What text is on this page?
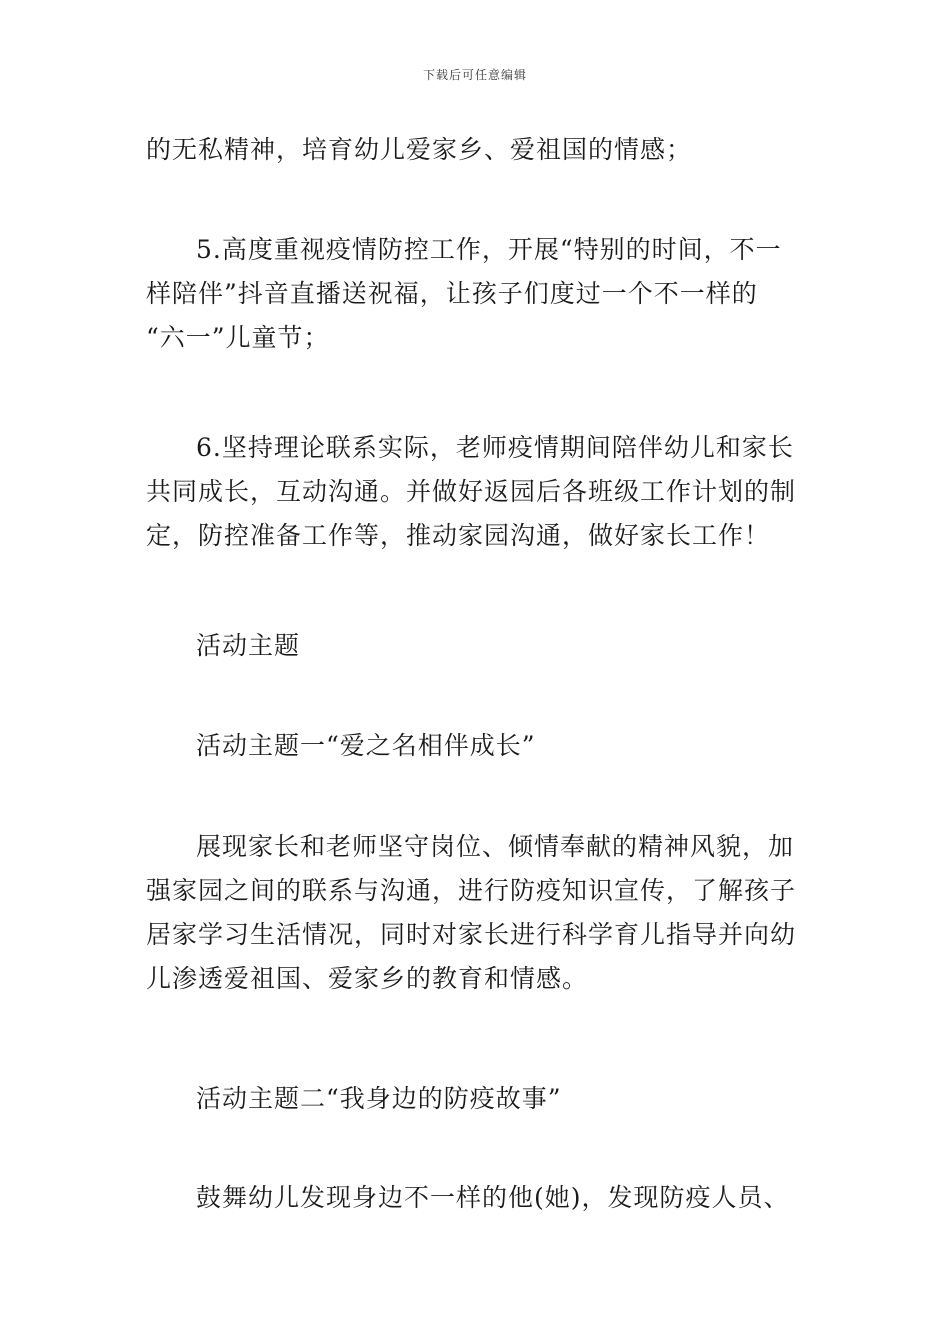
下载后可任意编辑

的无私精神，培育幼儿爱家乡、爱祖国的情感；

5.高度重视疫情防控工作，开展“特别的时间，不一
样陪伴”抖音直播送祝福，让孩子们度过一个不一样的
“六一”儿童节；

6.坚持理论联系实际，老师疫情期间陪伴幼儿和家长
共同成长，互动沟通。并做好返园后各班级工作计划的制
定，防控准备工作等，推动家园沟通，做好家长工作！

活动主题

活动主题一“爱之名相伴成长”

展现家长和老师坚守岗位、倾情奉献的精神风貌，加
强家园之间的联系与沟通，进行防疫知识宣传，了解孩子
居家学习生活情况，同时对家长进行科学育儿指导并向幼
儿渗透爱祖国、爱家乡的教育和情感。

活动主题二“我身边的防疫故事”

鼓舞幼儿发现身边不一样的他(她)，发现防疫人员、
